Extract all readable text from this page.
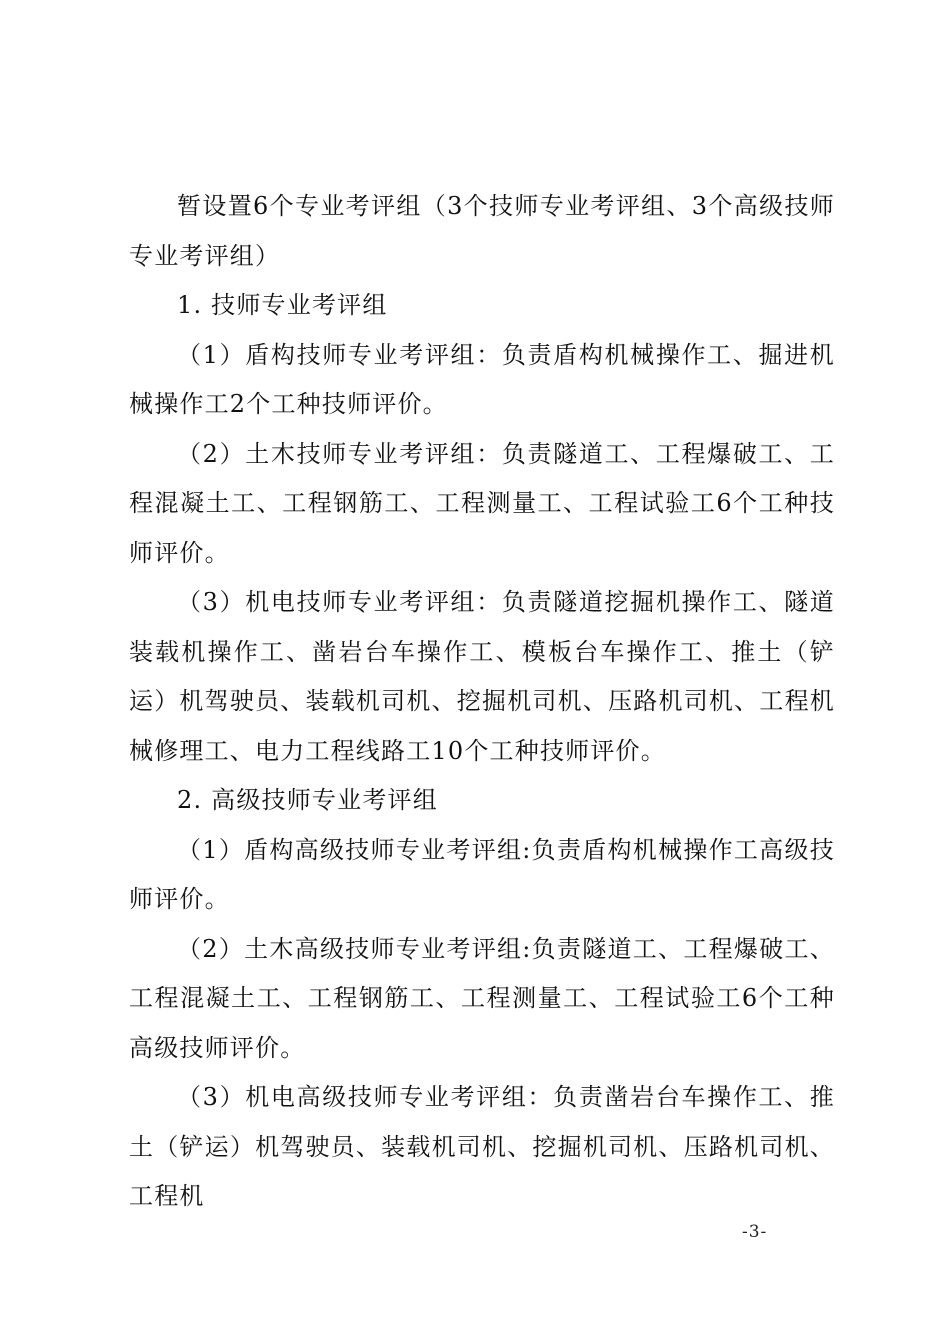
暂设置6个专业考评组（3个技师专业考评组、3个高级技师专业考评组）

1. 技师专业考评组

（1）盾构技师专业考评组：负责盾构机械操作工、掘进机械操作工2个工种技师评价。

（2）土木技师专业考评组：负责隧道工、工程爆破工、工程混凝土工、工程钢筋工、工程测量工、工程试验工6个工种技师评价。

（3）机电技师专业考评组：负责隧道挖掘机操作工、隧道装载机操作工、凿岩台车操作工、模板台车操作工、推土（铲运）机驾驶员、装载机司机、挖掘机司机、压路机司机、工程机械修理工、电力工程线路工10个工种技师评价。

2. 高级技师专业考评组

（1）盾构高级技师专业考评组:负责盾构机械操作工高级技师评价。

（2）土木高级技师专业考评组:负责隧道工、工程爆破工、工程混凝土工、工程钢筋工、工程测量工、工程试验工6个工种高级技师评价。

（3）机电高级技师专业考评组：负责凿岩台车操作工、推土（铲运）机驾驶员、装载机司机、挖掘机司机、压路机司机、工程机

-3-
